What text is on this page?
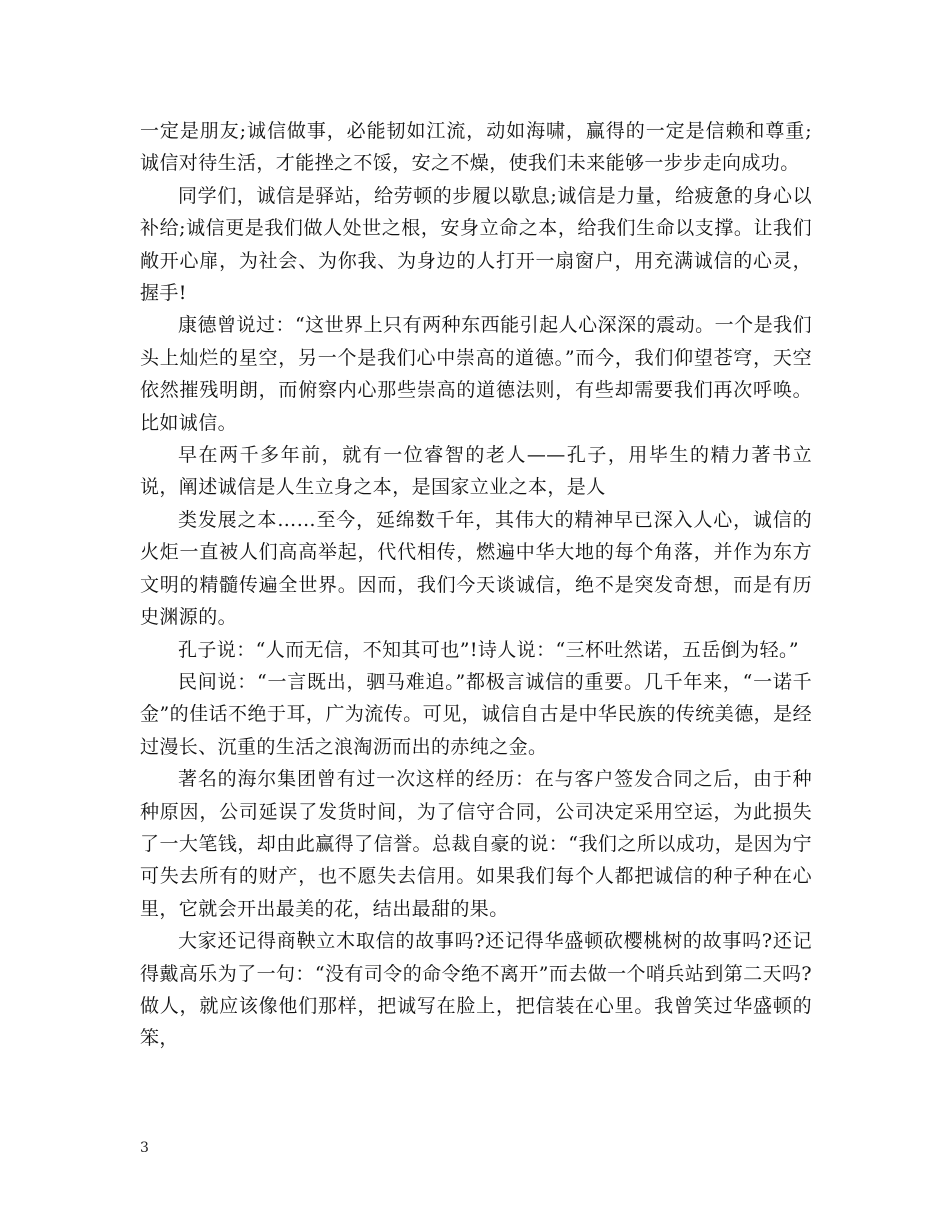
一定是朋友;诚信做事，必能韧如江流，动如海啸，赢得的一定是信赖和尊重;诚信对待生活，才能挫之不馁，安之不燥，使我们未来能够一步步走向成功。

同学们，诚信是驿站，给劳顿的步履以歇息;诚信是力量，给疲惫的身心以补给;诚信更是我们做人处世之根，安身立命之本，给我们生命以支撑。让我们敞开心扉，为社会、为你我、为身边的人打开一扇窗户，用充满诚信的心灵，握手!

康德曾说过：“这世界上只有两种东西能引起人心深深的震动。一个是我们头上灿烂的星空，另一个是我们心中崇高的道德。”而今，我们仰望苍穹，天空依然摧残明朗，而俯察内心那些崇高的道德法则，有些却需要我们再次呼唤。比如诚信。

早在两千多年前，就有一位睿智的老人——孔子，用毕生的精力著书立说，阐述诚信是人生立身之本，是国家立业之本，是人

类发展之本……至今，延绵数千年，其伟大的精神早已深入人心，诚信的火炬一直被人们高高举起，代代相传，燃遍中华大地的每个角落，并作为东方文明的精髓传遍全世界。因而，我们今天谈诚信，绝不是突发奇想，而是有历史渊源的。

孔子说：“人而无信，不知其可也”!诗人说：“三杯吐然诺，五岳倒为轻。”

民间说：“一言既出，驷马难追。”都极言诚信的重要。几千年来，“一诺千金”的佳话不绝于耳，广为流传。可见，诚信自古是中华民族的传统美德，是经过漫长、沉重的生活之浪淘沥而出的赤纯之金。

著名的海尔集团曾有过一次这样的经历：在与客户签发合同之后，由于种种原因，公司延误了发货时间，为了信守合同，公司决定采用空运，为此损失了一大笔钱，却由此赢得了信誉。总裁自豪的说：“我们之所以成功，是因为宁可失去所有的财产，也不愿失去信用。如果我们每个人都把诚信的种子种在心里，它就会开出最美的花，结出最甜的果。

大家还记得商鞅立木取信的故事吗?还记得华盛顿砍樱桃树的故事吗?还记得戴高乐为了一句：“没有司令的命令绝不离开”而去做一个哨兵站到第二天吗?做人，就应该像他们那样，把诚写在脸上，把信装在心里。我曾笑过华盛顿的笨，

3
